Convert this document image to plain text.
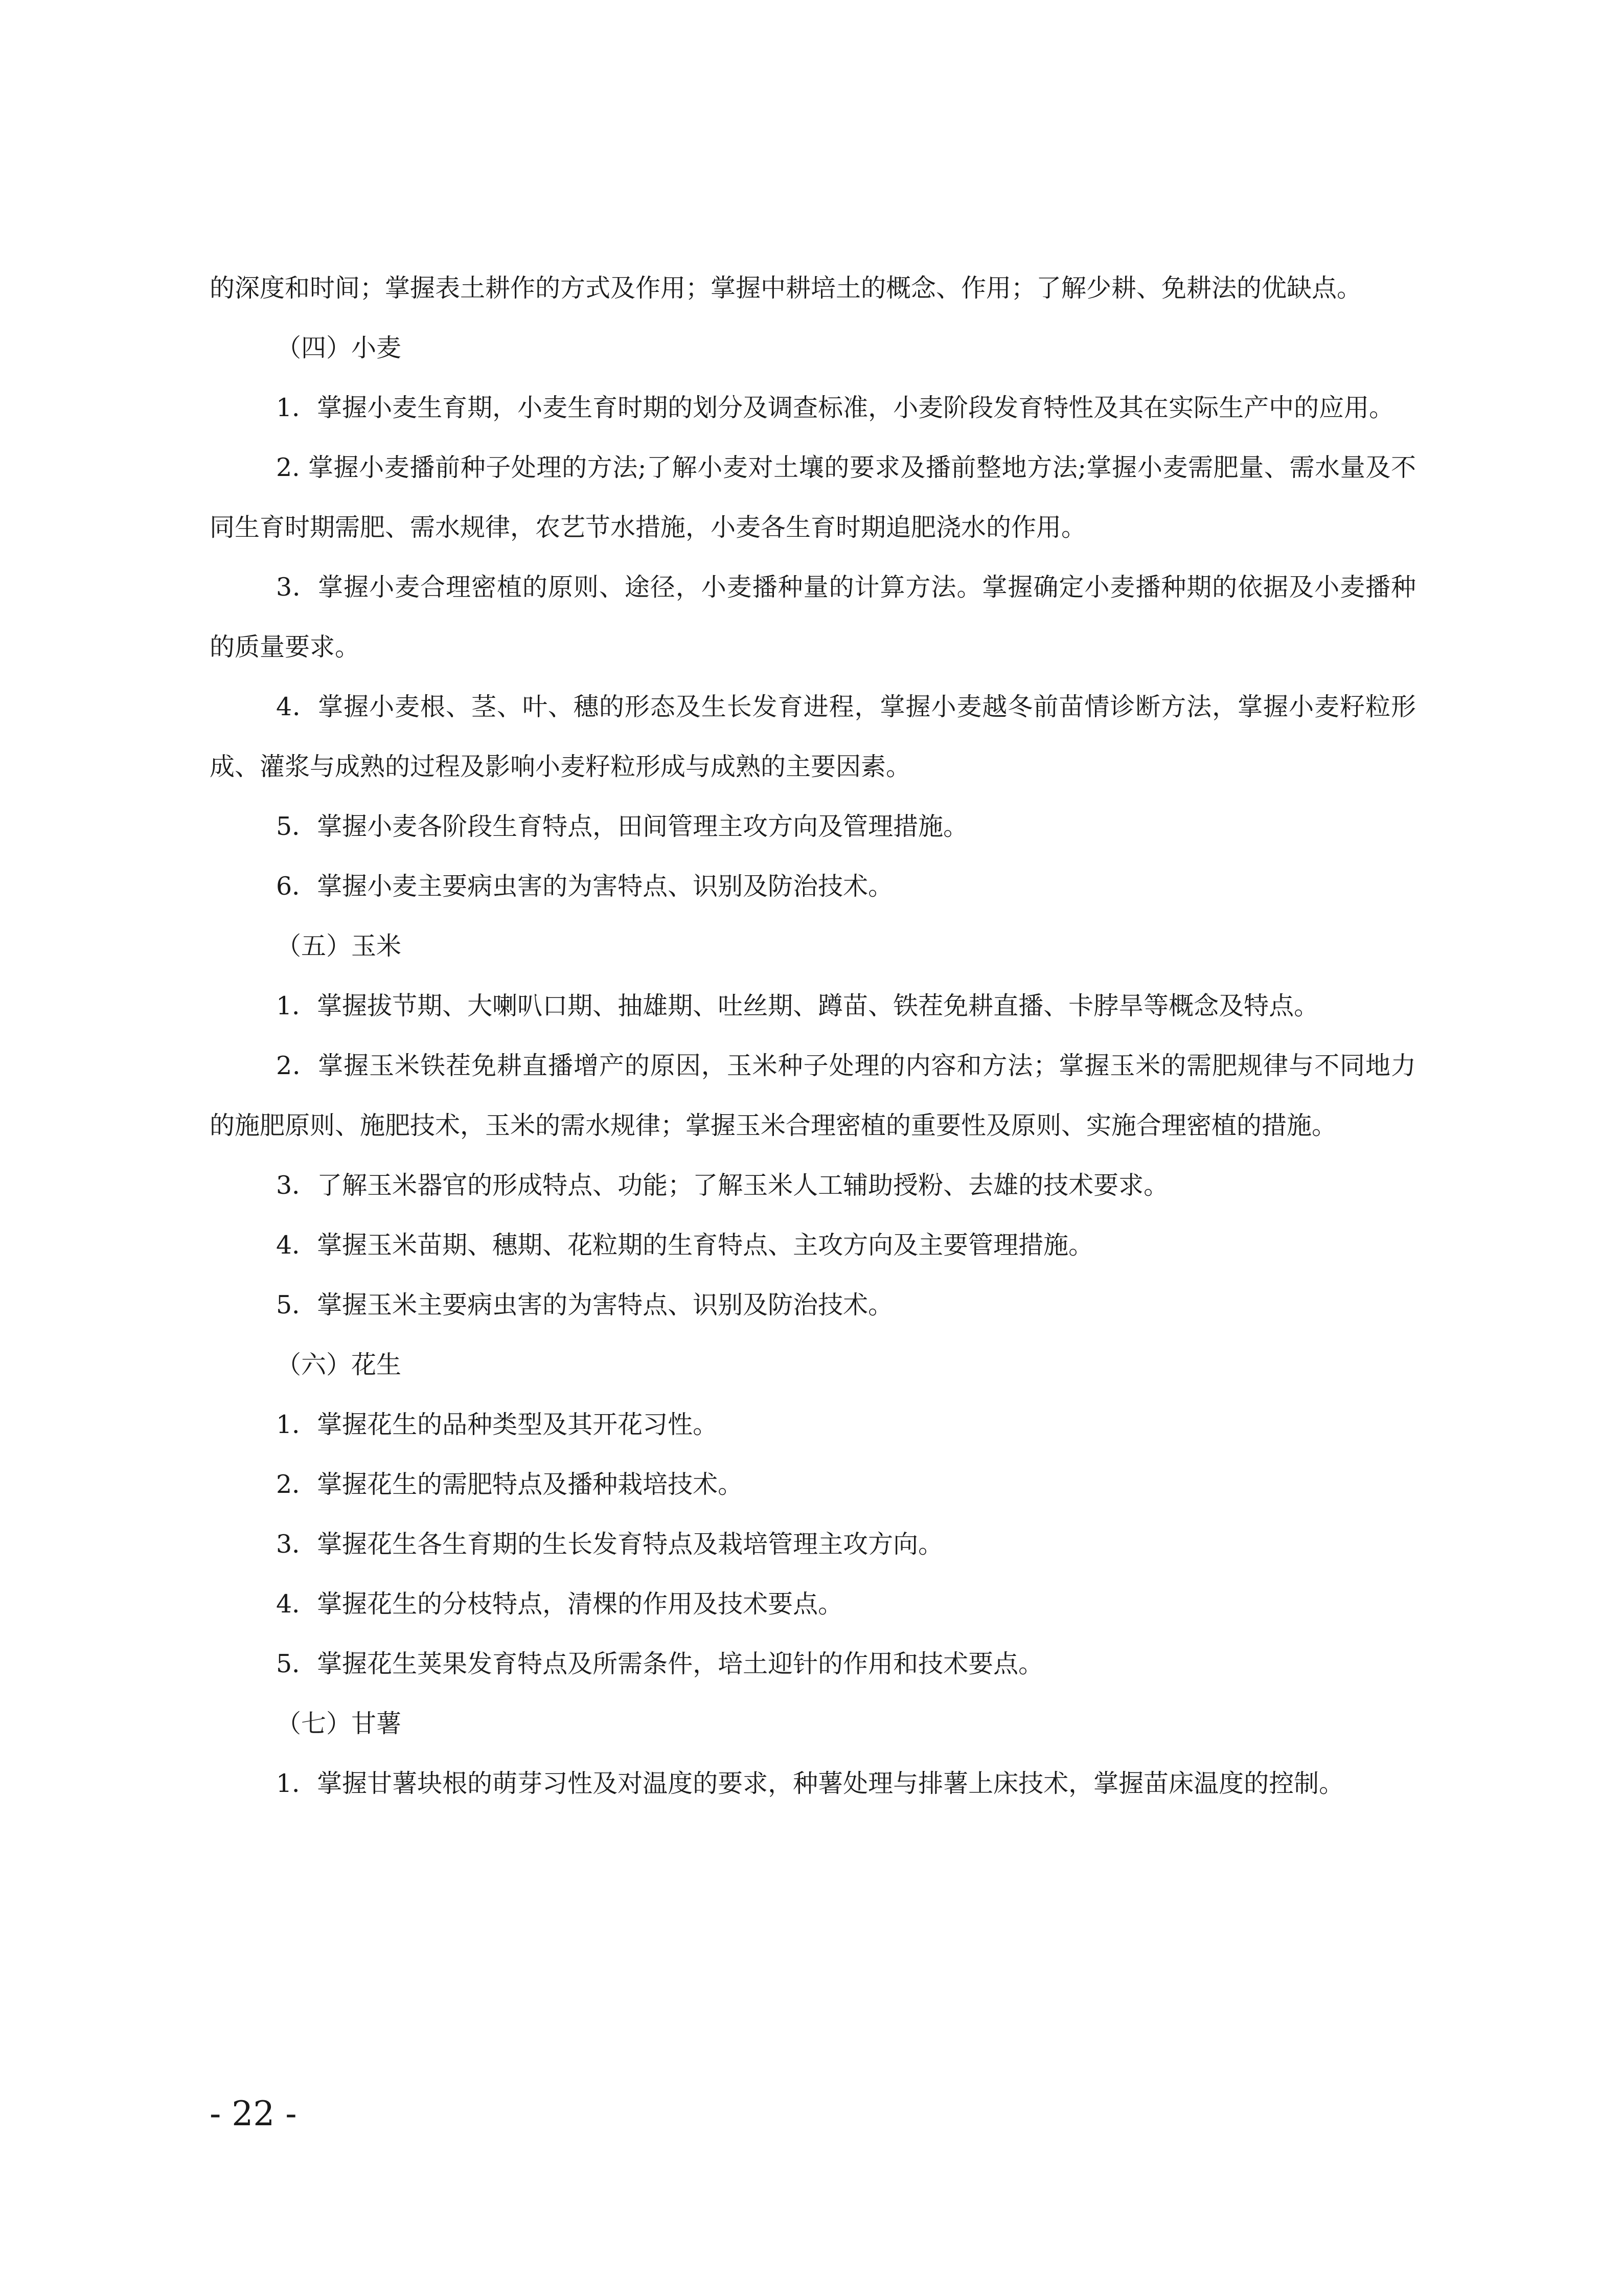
的深度和时间；掌握表土耕作的方式及作用；掌握中耕培土的概念、作用；了解少耕、免耕法的优缺点。

（四）小麦

1．掌握小麦生育期，小麦生育时期的划分及调查标准，小麦阶段发育特性及其在实际生产中的应用。

2. 掌握小麦播前种子处理的方法;了解小麦对土壤的要求及播前整地方法;掌握小麦需肥量、需水量及不同生育时期需肥、需水规律，农艺节水措施，小麦各生育时期追肥浇水的作用。

3．掌握小麦合理密植的原则、途径，小麦播种量的计算方法。掌握确定小麦播种期的依据及小麦播种的质量要求。

4．掌握小麦根、茎、叶、穗的形态及生长发育进程，掌握小麦越冬前苗情诊断方法，掌握小麦籽粒形成、灌浆与成熟的过程及影响小麦籽粒形成与成熟的主要因素。

5．掌握小麦各阶段生育特点，田间管理主攻方向及管理措施。

6．掌握小麦主要病虫害的为害特点、识别及防治技术。

（五）玉米

1．掌握拔节期、大喇叭口期、抽雄期、吐丝期、蹲苗、铁茬免耕直播、卡脖旱等概念及特点。

2．掌握玉米铁茬免耕直播增产的原因，玉米种子处理的内容和方法；掌握玉米的需肥规律与不同地力的施肥原则、施肥技术，玉米的需水规律；掌握玉米合理密植的重要性及原则、实施合理密植的措施。

3．了解玉米器官的形成特点、功能；了解玉米人工辅助授粉、去雄的技术要求。

4．掌握玉米苗期、穗期、花粒期的生育特点、主攻方向及主要管理措施。

5．掌握玉米主要病虫害的为害特点、识别及防治技术。

（六）花生

1．掌握花生的品种类型及其开花习性。

2．掌握花生的需肥特点及播种栽培技术。

3．掌握花生各生育期的生长发育特点及栽培管理主攻方向。

4．掌握花生的分枝特点，清棵的作用及技术要点。

5．掌握花生荚果发育特点及所需条件，培土迎针的作用和技术要点。

（七）甘薯

1．掌握甘薯块根的萌芽习性及对温度的要求，种薯处理与排薯上床技术，掌握苗床温度的控制。

- 22 -
